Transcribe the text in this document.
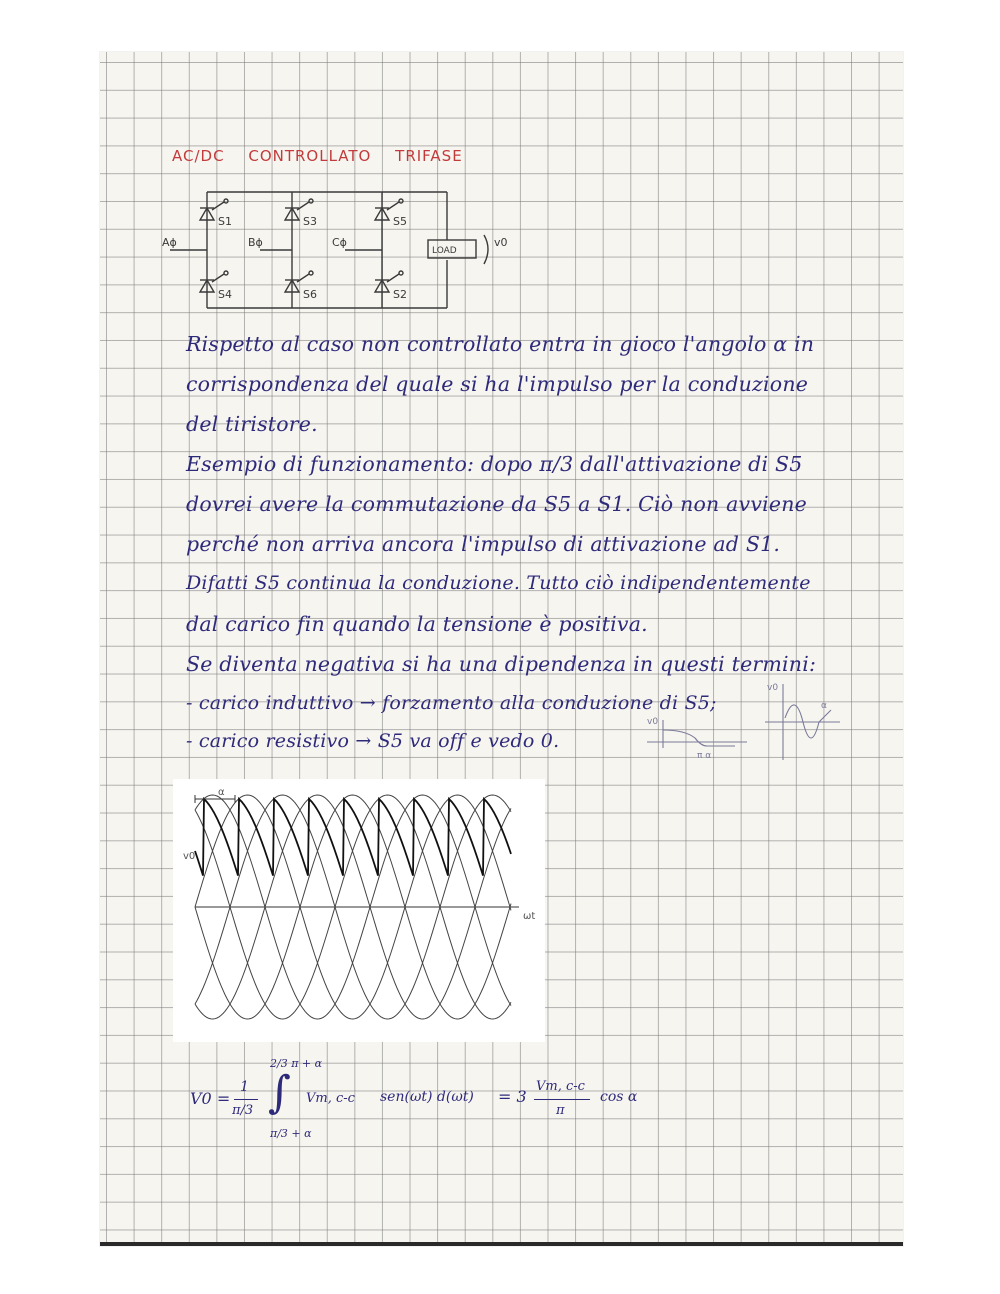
AC/DC CONTROLLATO TRIFASE
S1	S3	S5
S4	S6	S2
Aϕ	Bϕ	Cϕ
LOAD
v0
Rispetto al caso non controllato entra in gioco l'angolo α in
corrispondenza del quale si ha l'impulso per la conduzione
del tiristore.
Esempio di funzionamento: dopo π/3 dall'attivazione di S5
dovrei avere la commutazione da S5 a S1. Ciò non avviene
perché non arriva ancora l'impulso di attivazione ad S1.
Difatti S5 continua la conduzione. Tutto ciò indipendentemente
dal carico fin quando la tensione è positiva.
Se diventa negativa si ha una dipendenza in questi termini:
- carico induttivo → forzamento alla conduzione di S5;
- carico resistivo → S5 va off e vedo 0.
v0
π α
v0
α
α
v0
ωt
V0 =
1
π/3
2/3 π + α
∫
π/3 + α
Vm, c-c sen(ωt) d(ωt) = 3
Vm, c-c
π
cos α
